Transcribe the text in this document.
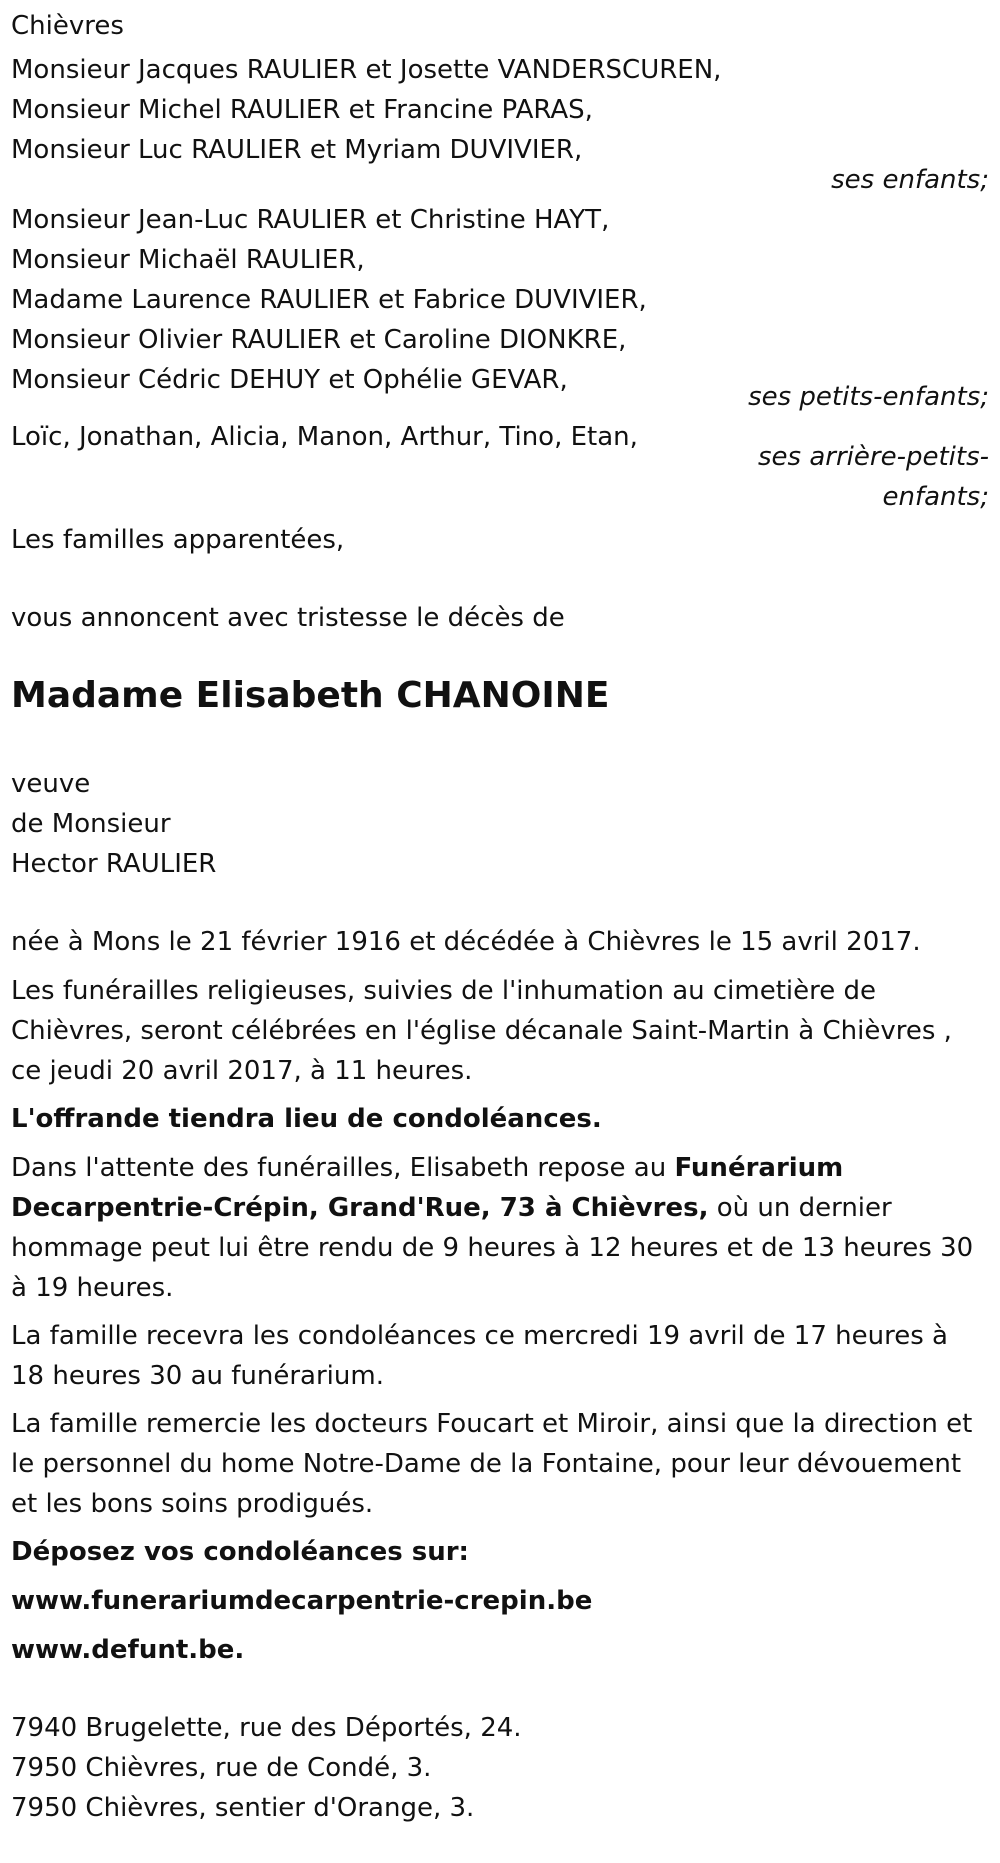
Chièvres
Monsieur Jacques RAULIER et Josette VANDERSCUREN,
Monsieur Michel RAULIER et Francine PARAS,
Monsieur Luc RAULIER et Myriam DUVIVIER,
ses enfants;
Monsieur Jean-Luc RAULIER et Christine HAYT,
Monsieur Michaël RAULIER,
Madame Laurence RAULIER et Fabrice DUVIVIER,
Monsieur Olivier RAULIER et Caroline DIONKRE,
Monsieur Cédric DEHUY et Ophélie GEVAR,
ses petits-enfants;
Loïc, Jonathan, Alicia, Manon, Arthur, Tino, Etan,
ses arrière-petits-
enfants;
Les familles apparentées,
vous annoncent avec tristesse le décès de
Madame Elisabeth CHANOINE
veuve
de Monsieur
Hector RAULIER
née à Mons le 21 février 1916 et décédée à Chièvres le 15 avril 2017.

Les funérailles religieuses, suivies de l'inhumation au cimetière de Chièvres, seront célébrées en l'église décanale Saint-Martin à Chièvres , ce jeudi 20 avril 2017, à 11 heures.

L'offrande tiendra lieu de condoléances.

Dans l'attente des funérailles, Elisabeth repose au Funérarium Decarpentrie-Crépin, Grand'Rue, 73 à Chièvres, où un dernier hommage peut lui être rendu de 9 heures à 12 heures et de 13 heures 30 à 19 heures.

La famille recevra les condoléances ce mercredi 19 avril de 17 heures à 18 heures 30 au funérarium.

La famille remercie les docteurs Foucart et Miroir, ainsi que la direction et le personnel du home Notre-Dame de la Fontaine, pour leur dévouement et les bons soins prodigués.

Déposez vos condoléances sur:
www.funerariumdecarpentrie-crepin.be
www.defunt.be.
7940 Brugelette, rue des Déportés, 24.
7950 Chièvres, rue de Condé, 3.
7950 Chièvres, sentier d'Orange, 3.
